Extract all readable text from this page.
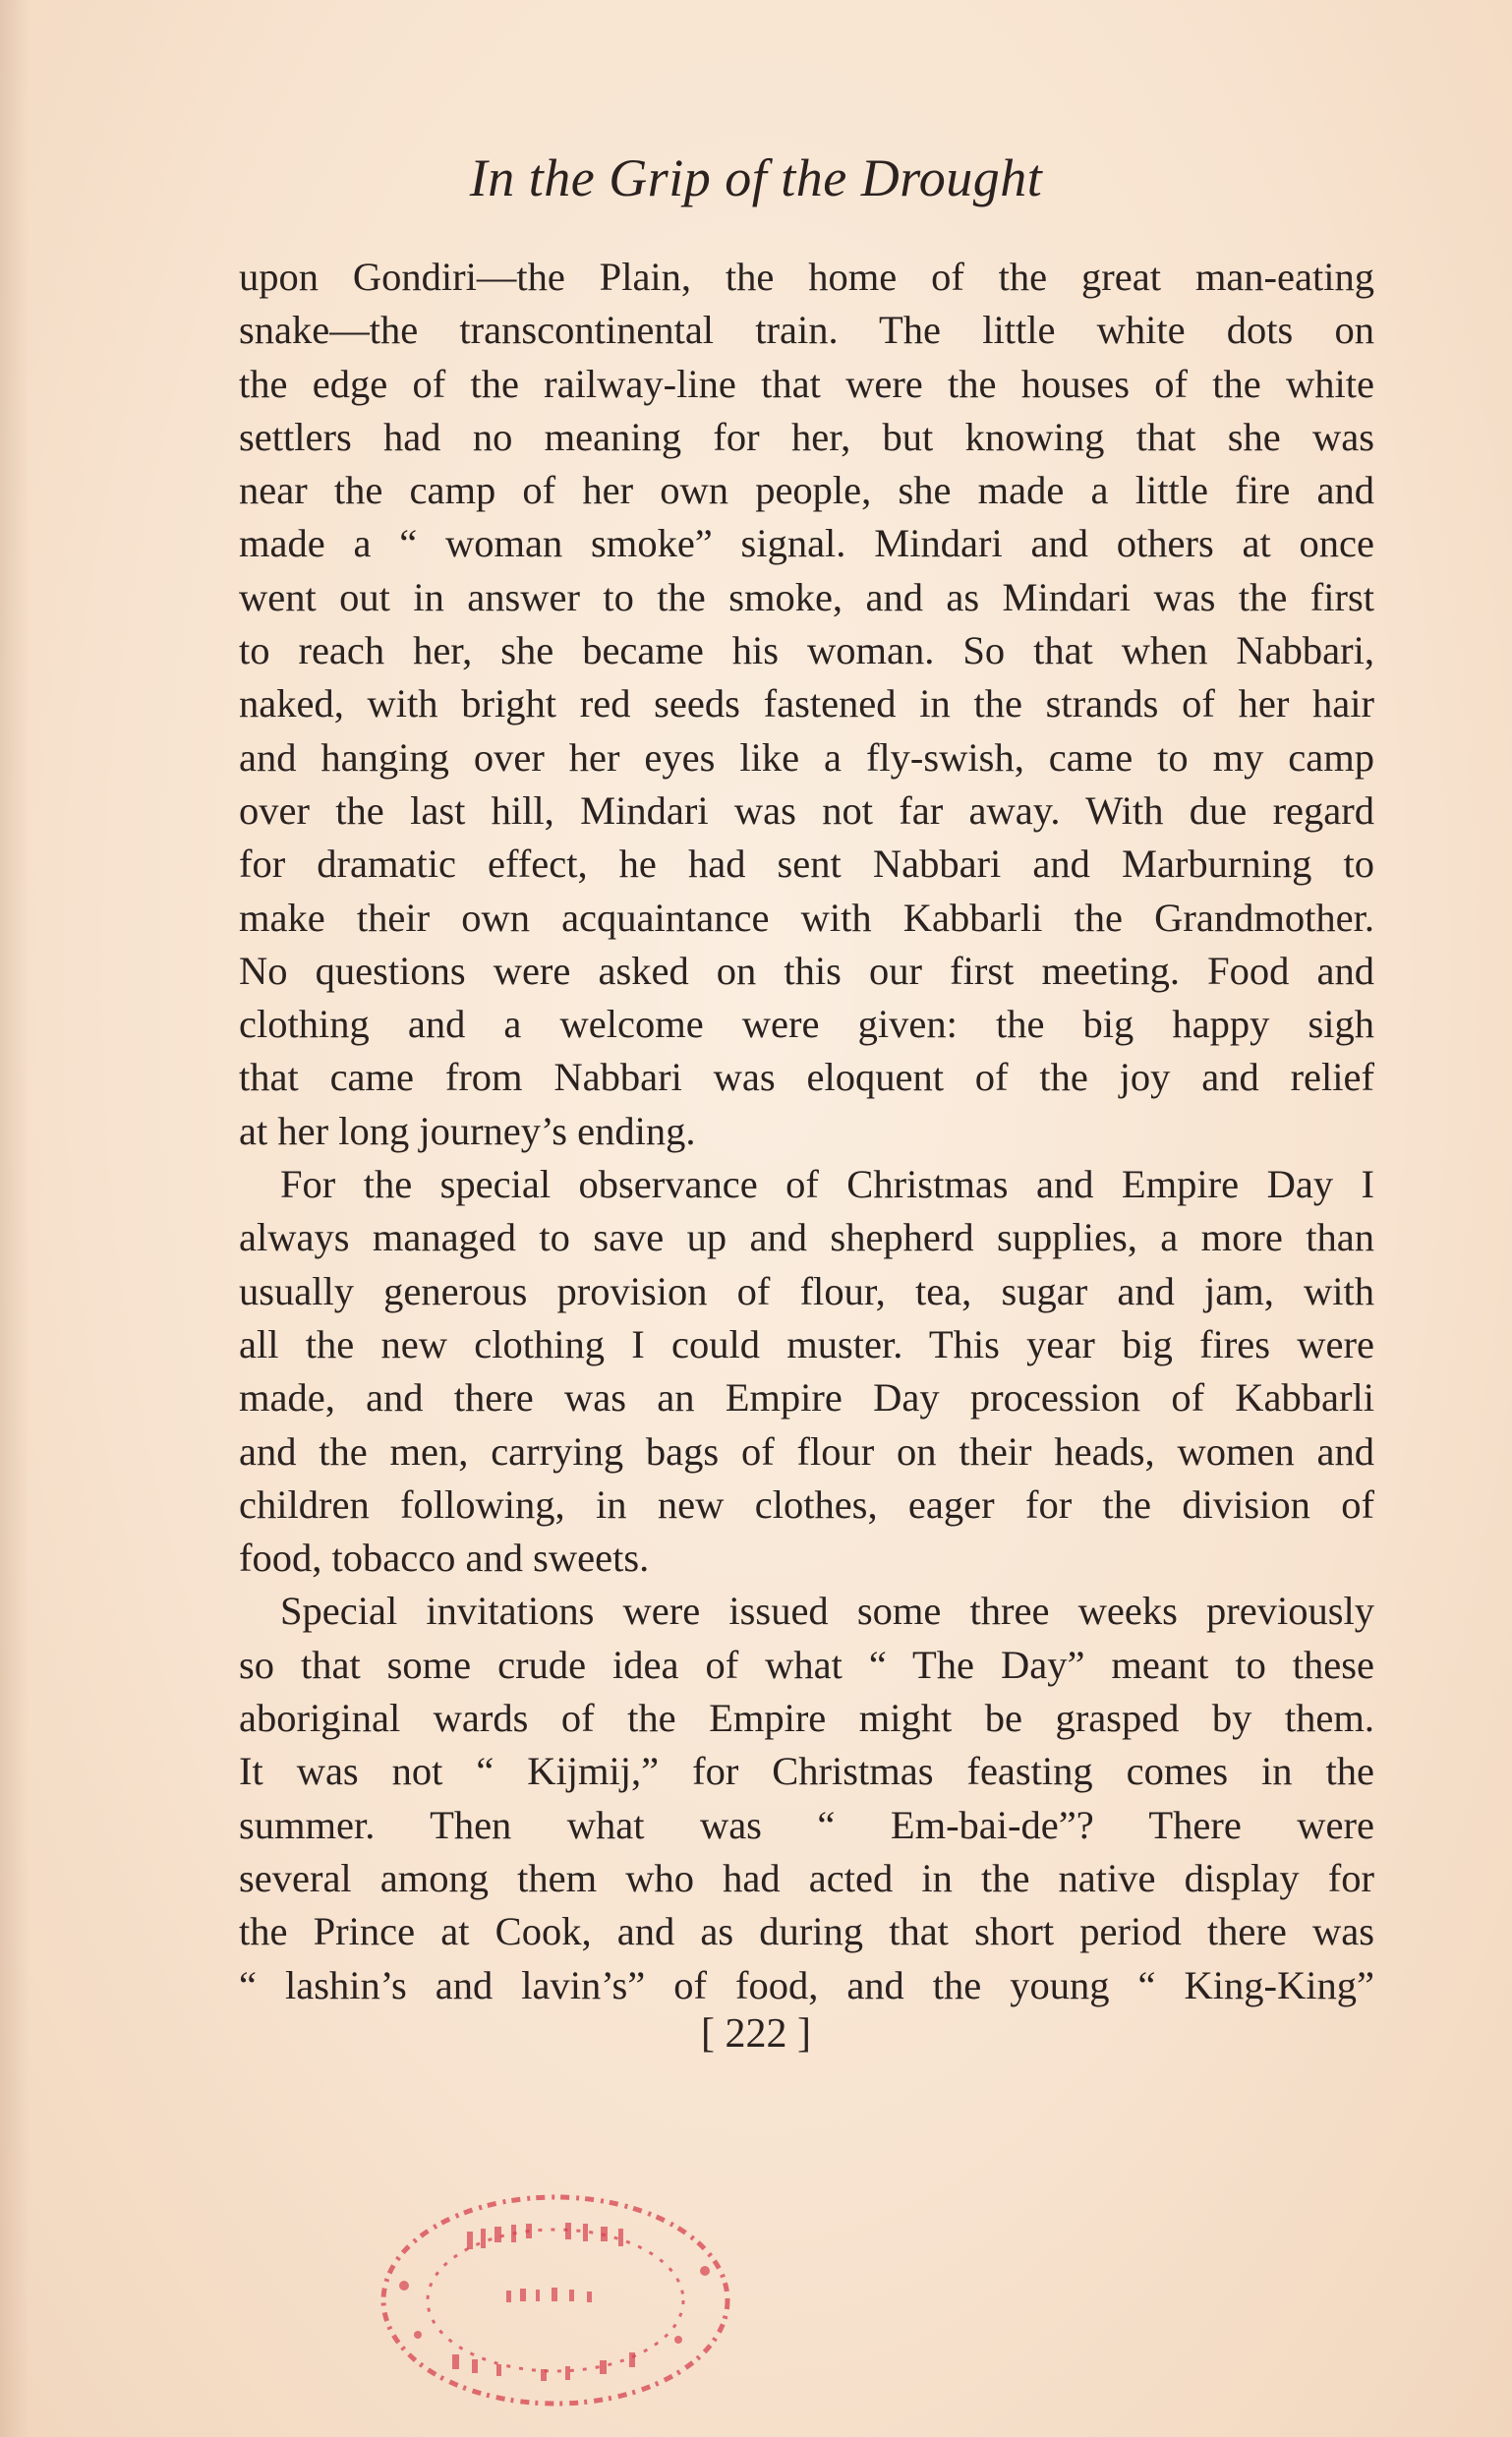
In the Grip of the Drought
upon Gondiri—the Plain, the home of the great man-eating
snake—the transcontinental train. The little white dots on
the edge of the railway-line that were the houses of the white
settlers had no meaning for her, but knowing that she was
near the camp of her own people, she made a little fire and
made a “ woman smoke” signal. Mindari and others at once
went out in answer to the smoke, and as Mindari was the first
to reach her, she became his woman. So that when Nabbari,
naked, with bright red seeds fastened in the strands of her hair
and hanging over her eyes like a fly-swish, came to my camp
over the last hill, Mindari was not far away. With due regard
for dramatic effect, he had sent Nabbari and Marburning to
make their own acquaintance with Kabbarli the Grandmother.
No questions were asked on this our first meeting. Food and
clothing and a welcome were given: the big happy sigh
that came from Nabbari was eloquent of the joy and relief
at her long journey’s ending.
For the special observance of Christmas and Empire Day I
always managed to save up and shepherd supplies, a more than
usually generous provision of flour, tea, sugar and jam, with
all the new clothing I could muster. This year big fires were
made, and there was an Empire Day procession of Kabbarli
and the men, carrying bags of flour on their heads, women and
children following, in new clothes, eager for the division of
food, tobacco and sweets.
Special invitations were issued some three weeks previously
so that some crude idea of what “ The Day” meant to these
aboriginal wards of the Empire might be grasped by them.
It was not “ Kijmij,” for Christmas feasting comes in the
summer. Then what was “ Em-bai-de”? There were
several among them who had acted in the native display for
the Prince at Cook, and as during that short period there was
“ lashin’s and lavin’s” of food, and the young “ King-King”
[ 222 ]
